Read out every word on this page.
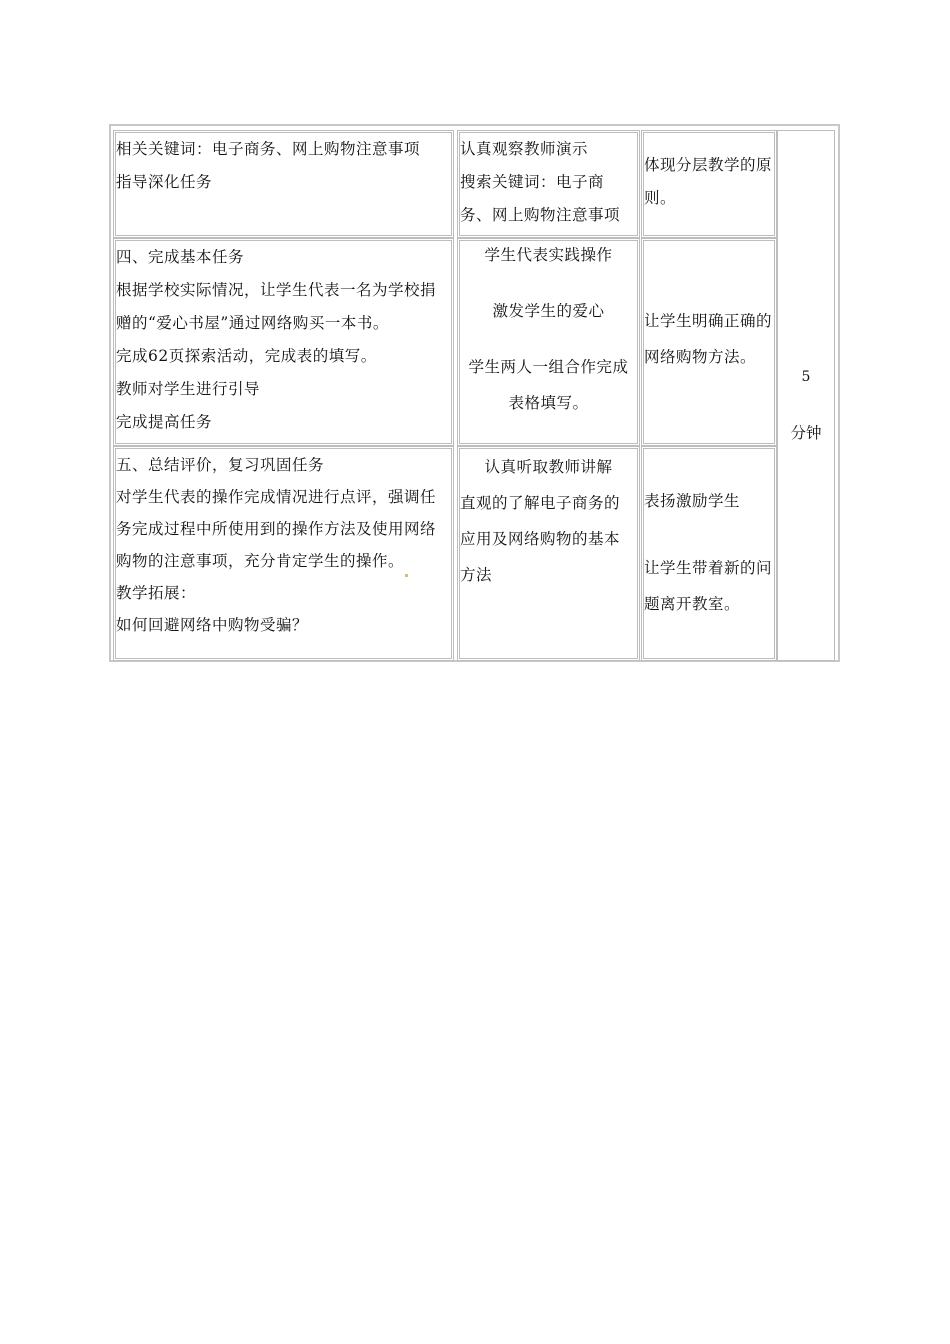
相关关键词：电子商务、网上购物注意事项
指导深化任务
认真观察教师演示
搜索关键词：电子商
务、网上购物注意事项
体现分层教学的原
则。
四、完成基本任务
根据学校实际情况，让学生代表一名为学校捐
赠的“爱心书屋”通过网络购买一本书。
完成62页探索活动，完成表的填写。
教师对学生进行引导
完成提高任务
学生代表实践操作
激发学生的爱心
学生两人一组合作完成
表格填写。
让学生明确正确的
网络购物方法。
五、总结评价，复习巩固任务
对学生代表的操作完成情况进行点评，强调任
务完成过程中所使用到的操作方法及使用网络
购物的注意事项，充分肯定学生的操作。
教学拓展：
如何回避网络中购物受骗？
认真听取教师讲解
直观的了解电子商务的
应用及网络购物的基本
方法
表扬激励学生
让学生带着新的问
题离开教室。
5
分钟
